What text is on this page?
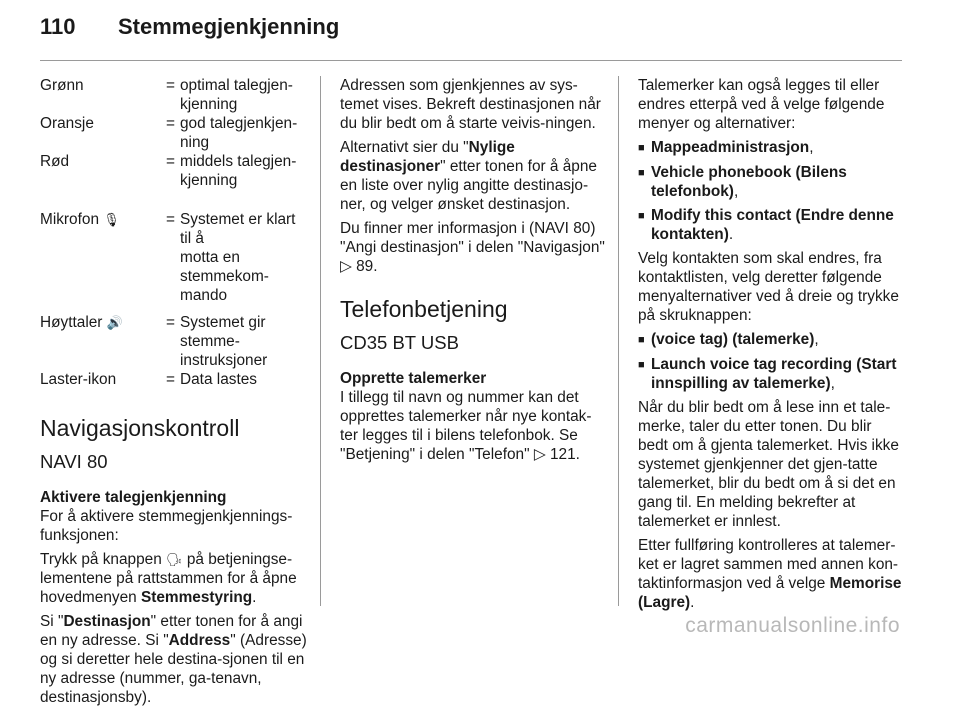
110 Stemmegjenkjenning
Grønn	=	optimal talegjen-
kjenning
Oransje	=	god talegjenkjen-
ning
Rød	=	middels talegjen-
kjenning

Mikrofon 🎙	=	Systemet er klart til å
motta en stemmekom-
mando

Høyttaler 🔊	=	Systemet gir stemme-
instruksjoner
Laster-ikon	=	Data lastes

Navigasjonskontroll

NAVI 80

Aktivere talegjenkjenning

For å aktivere stemmegjenkjennings-funksjonen:

Trykk på knappen 🗣 på betjeningse-lementene på rattstammen for å åpne hovedmenyen Stemmestyring.

Si "Destinasjon" etter tonen for å angi en ny adresse. Si "Address" (Adresse) og si deretter hele destina-sjonen til en ny adresse (nummer, ga-tenavn, destinasjonsby).

Adressen som gjenkjennes av sys-temet vises. Bekreft destinasjonen når du blir bedt om å starte veivis-ningen.

Alternativt sier du "Nylige destinasjoner" etter tonen for å åpne en liste over nylig angitte destinasjo-ner, og velger ønsket destinasjon.

Du finner mer informasjon i (NAVI 80) "Angi destinasjon" i delen "Navigasjon" ▷ 89.

Telefonbetjening

CD35 BT USB

Opprette talemerker

I tillegg til navn og nummer kan det opprettes talemerker når nye kontak-ter legges til i bilens telefonbok. Se "Betjening" i delen "Telefon" ▷ 121.

Talemerker kan også legges til eller endres etterpå ved å velge følgende menyer og alternativer:

■ Mappeadministrasjon,
■ Vehicle phonebook (Bilens telefonbok),
■ Modify this contact (Endre denne kontakten).

Velg kontakten som skal endres, fra kontaktlisten, velg deretter følgende menyalternativer ved å dreie og trykke på skruknappen:

■ (voice tag) (talemerke),
■ Launch voice tag recording (Start innspilling av talemerke),

Når du blir bedt om å lese inn et tale-merke, taler du etter tonen. Du blir bedt om å gjenta talemerket. Hvis ikke systemet gjenkjenner det gjen-tatte talemerket, blir du bedt om å si det en gang til. En melding bekrefter at talemerket er innlest.

Etter fullføring kontrolleres at talemer-ket er lagret sammen med annen kon-taktinformasjon ved å velge Memorise (Lagre).

carmanualsonline.info
